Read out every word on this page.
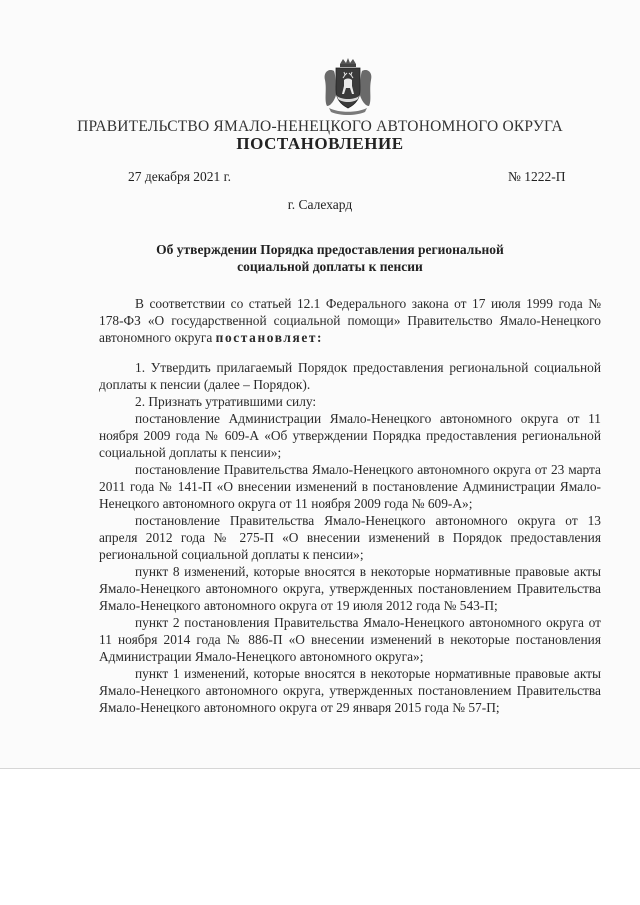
ПРАВИТЕЛЬСТВО ЯМАЛО-НЕНЕЦКОГО АВТОНОМНОГО ОКРУГА
ПОСТАНОВЛЕНИЕ
27 декабря 2021 г.	№ 1222-П
г. Салехард
Об утверждении Порядка предоставления региональной
социальной доплаты к пенсии

В соответствии со статьей 12.1 Федерального закона от 17 июля 1999 года № 178-ФЗ «О государственной социальной помощи» Правительство Ямало-Ненецкого автономного округа постановляет:

1. Утвердить прилагаемый Порядок предоставления региональной социальной доплаты к пенсии (далее – Порядок).

2. Признать утратившими силу:

постановление Администрации Ямало-Ненецкого автономного округа от 11 ноября 2009 года № 609-А «Об утверждении Порядка предоставления региональной социальной доплаты к пенсии»;

постановление Правительства Ямало-Ненецкого автономного округа от 23 марта 2011 года № 141-П «О внесении изменений в постановление Администрации Ямало-Ненецкого автономного округа от 11 ноября 2009 года № 609-А»;

постановление Правительства Ямало-Ненецкого автономного округа от 13 апреля 2012 года № 275-П «О внесении изменений в Порядок предоставления региональной социальной доплаты к пенсии»;

пункт 8 изменений, которые вносятся в некоторые нормативные правовые акты Ямало-Ненецкого автономного округа, утвержденных постановлением Правительства Ямало-Ненецкого автономного округа от 19 июля 2012 года № 543-П;

пункт 2 постановления Правительства Ямало-Ненецкого автономного округа от 11 ноября 2014 года № 886-П «О внесении изменений в некоторые постановления Администрации Ямало-Ненецкого автономного округа»;

пункт 1 изменений, которые вносятся в некоторые нормативные правовые акты Ямало-Ненецкого автономного округа, утвержденных постановлением Правительства Ямало-Ненецкого автономного округа от 29 января 2015 года № 57-П;
